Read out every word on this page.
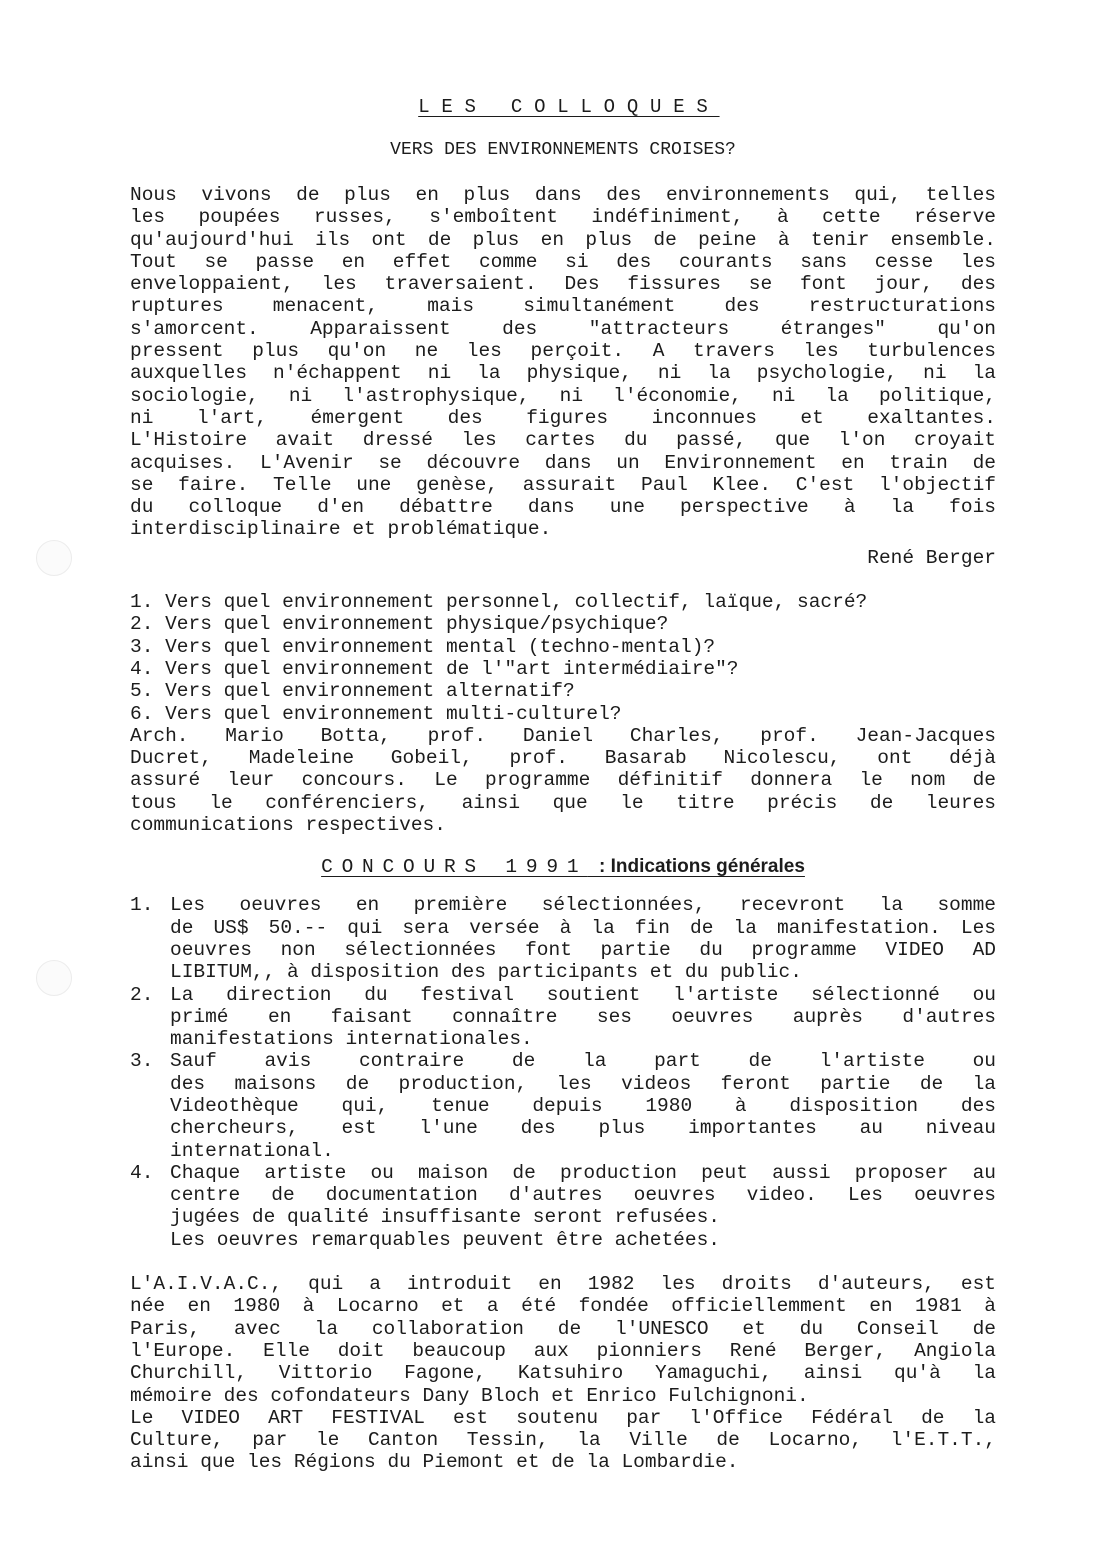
LES COLLOQUES
VERS DES ENVIRONNEMENTS CROISES?
Nous vivons de plus en plus dans des environnements qui, telles
les poupées russes, s'emboîtent indéfiniment, à cette réserve
qu'aujourd'hui ils ont de plus en plus de peine à tenir ensemble.
Tout se passe en effet comme si des courants sans cesse les
enveloppaient, les traversaient. Des fissures se font jour, des
ruptures menacent, mais simultanément des restructurations
s'amorcent. Apparaissent des "attracteurs étranges" qu'on
pressent plus qu'on ne les perçoit. A travers les turbulences
auxquelles n'échappent ni la physique, ni la psychologie, ni la
sociologie, ni l'astrophysique, ni l'économie, ni la politique,
ni l'art, émergent des figures inconnues et exaltantes.
L'Histoire avait dressé les cartes du passé, que l'on croyait
acquises. L'Avenir se découvre dans un Environnement en train de
se faire. Telle une genèse, assurait Paul Klee. C'est l'objectif
du colloque d'en débattre dans une perspective à la fois
interdisciplinaire et problématique.
René Berger
1. Vers quel environnement personnel, collectif, laïque, sacré?
2. Vers quel environnement physique/psychique?
3. Vers quel environnement mental (techno-mental)?
4. Vers quel environnement de l'"art intermédiaire"?
5. Vers quel environnement alternatif?
6. Vers quel environnement multi-culturel?
Arch. Mario Botta, prof. Daniel Charles, prof. Jean-Jacques
Ducret, Madeleine Gobeil, prof. Basarab Nicolescu, ont déjà
assuré leur concours. Le programme définitif donnera le nom de
tous le conférenciers, ainsi que le titre précis de leures
communications respectives.
CONCOURS 1991 : Indications générales
1. Les oeuvres en première sélectionnées, recevront la somme
de US$ 50.-- qui sera versée à la fin de la manifestation. Les
oeuvres non sélectionnées font partie du programme VIDEO AD
LIBITUM,, à disposition des participants et du public.
2. La direction du festival soutient l'artiste sélectionné ou
primé en faisant connaître ses oeuvres auprès d'autres
manifestations internationales.
3. Sauf avis contraire de la part de l'artiste ou
des maisons de production, les videos feront partie de la
Videothèque qui, tenue depuis 1980 à disposition des
chercheurs, est l'une des plus importantes au niveau
international.
4. Chaque artiste ou maison de production peut aussi proposer au
centre de documentation d'autres oeuvres video. Les oeuvres
jugées de qualité insuffisante seront refusées.
Les oeuvres remarquables peuvent être achetées.
L'A.I.V.A.C., qui a introduit en 1982 les droits d'auteurs, est
née en 1980 à Locarno et a été fondée officiellemment en 1981 à
Paris, avec la collaboration de l'UNESCO et du Conseil de
l'Europe. Elle doit beaucoup aux pionniers René Berger, Angiola
Churchill, Vittorio Fagone, Katsuhiro Yamaguchi, ainsi qu'à la
mémoire des cofondateurs Dany Bloch et Enrico Fulchignoni.
Le VIDEO ART FESTIVAL est soutenu par l'Office Fédéral de la
Culture, par le Canton Tessin, la Ville de Locarno, l'E.T.T.,
ainsi que les Régions du Piemont et de la Lombardie.
